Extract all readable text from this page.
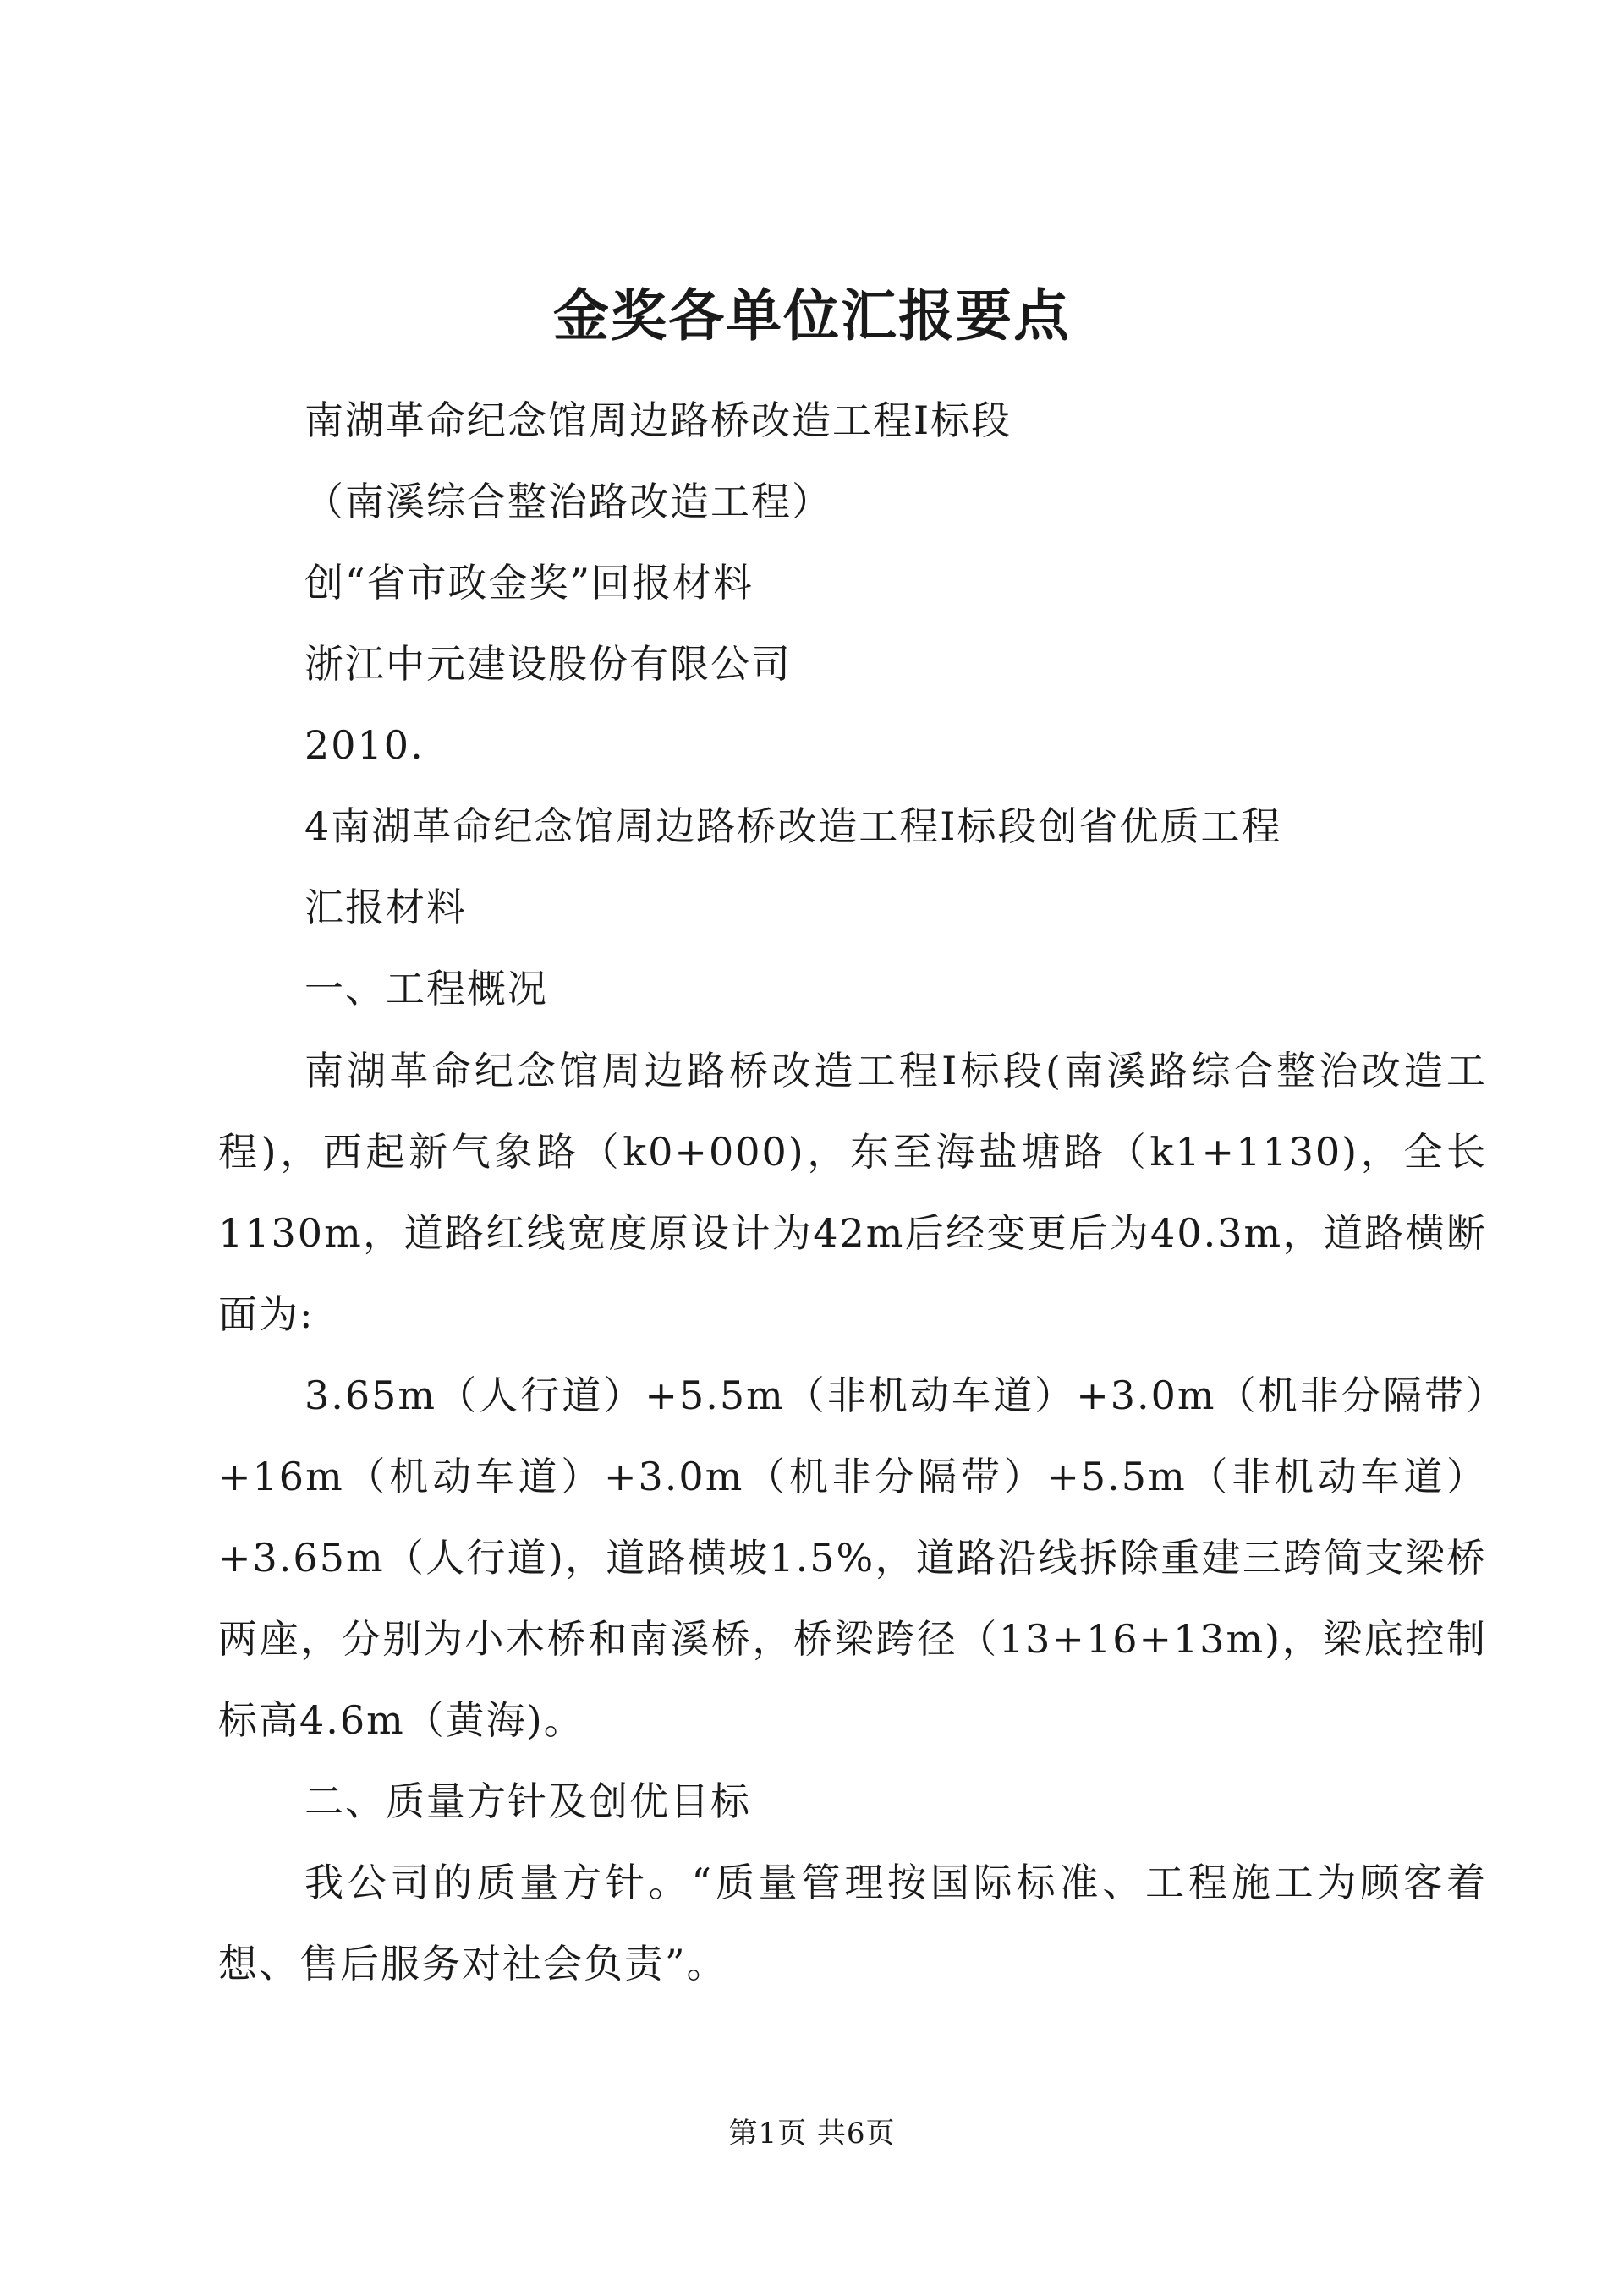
金奖各单位汇报要点
南湖革命纪念馆周边路桥改造工程Ⅰ标段
（南溪综合整治路改造工程）
创“省市政金奖”回报材料
浙江中元建设股份有限公司
2010.
4南湖革命纪念馆周边路桥改造工程Ⅰ标段创省优质工程
汇报材料
一、工程概况

南湖革命纪念馆周边路桥改造工程Ⅰ标段(南溪路综合整治改造工程)，西起新气象路（k0+000)，东至海盐塘路（k1+1130)，全长1130m，道路红线宽度原设计为42m后经变更后为40.3m，道路横断面为:

3.65m（人行道）+5.5m（非机动车道）+3.0m（机非分隔带）+16m（机动车道）+3.0m（机非分隔带）+5.5m（非机动车道）+3.65m（人行道)，道路横坡1.5%，道路沿线拆除重建三跨简支梁桥两座，分别为小木桥和南溪桥，桥梁跨径（13+16+13m)，梁底控制标高4.6m（黄海)。

二、质量方针及创优目标

我公司的质量方针。“质量管理按国际标准、工程施工为顾客着想、售后服务对社会负责”。

第1页 共6页
